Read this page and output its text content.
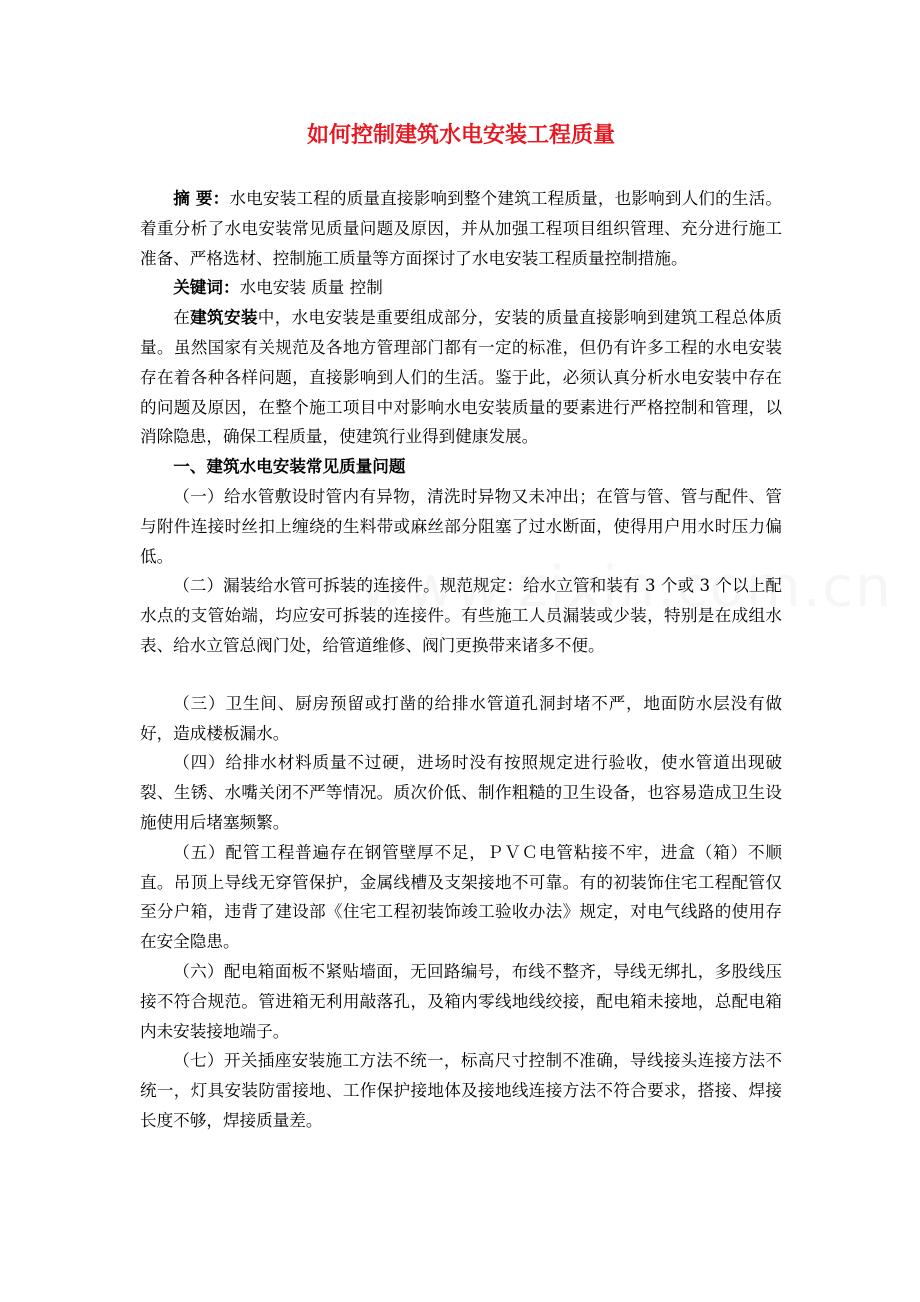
如何控制建筑水电安装工程质量

摘 要：水电安装工程的质量直接影响到整个建筑工程质量，也影响到人们的生活。着重分析了水电安装常见质量问题及原因，并从加强工程项目组织管理、充分进行施工准备、严格选材、控制施工质量等方面探讨了水电安装工程质量控制措施。

关键词：水电安装 质量 控制

在建筑安装中，水电安装是重要组成部分，安装的质量直接影响到建筑工程总体质量。虽然国家有关规范及各地方管理部门都有一定的标准，但仍有许多工程的水电安装存在着各种各样问题，直接影响到人们的生活。鉴于此，必须认真分析水电安装中存在的问题及原因，在整个施工项目中对影响水电安装质量的要素进行严格控制和管理，以消除隐患，确保工程质量，使建筑行业得到健康发展。

一、建筑水电安装常见质量问题

（一）给水管敷设时管内有异物，清洗时异物又未冲出；在管与管、管与配件、管与附件连接时丝扣上缠绕的生料带或麻丝部分阻塞了过水断面，使得用户用水时压力偏低。

（二）漏装给水管可拆装的连接件。规范规定：给水立管和装有 3 个或 3 个以上配水点的支管始端，均应安可拆装的连接件。有些施工人员漏装或少装，特别是在成组水表、给水立管总阀门处，给管道维修、阀门更换带来诸多不便。

（三）卫生间、厨房预留或打凿的给排水管道孔洞封堵不严，地面防水层没有做好，造成楼板漏水。

（四）给排水材料质量不过硬，进场时没有按照规定进行验收，使水管道出现破裂、生锈、水嘴关闭不严等情况。质次价低、制作粗糙的卫生设备，也容易造成卫生设施使用后堵塞频繁。

（五）配管工程普遍存在钢管壁厚不足，ＰＶＣ电管粘接不牢，进盒（箱）不顺直。吊顶上导线无穿管保护，金属线槽及支架接地不可靠。有的初装饰住宅工程配管仅至分户箱，违背了建设部《住宅工程初装饰竣工验收办法》规定，对电气线路的使用存在安全隐患。

（六）配电箱面板不紧贴墙面，无回路编号，布线不整齐，导线无绑扎，多股线压接不符合规范。管进箱无利用敲落孔，及箱内零线地线绞接，配电箱未接地，总配电箱内未安装接地端子。

（七）开关插座安装施工方法不统一，标高尺寸控制不准确，导线接头连接方法不统一，灯具安装防雷接地、工作保护接地体及接地线连接方法不符合要求，搭接、焊接长度不够，焊接质量差。
